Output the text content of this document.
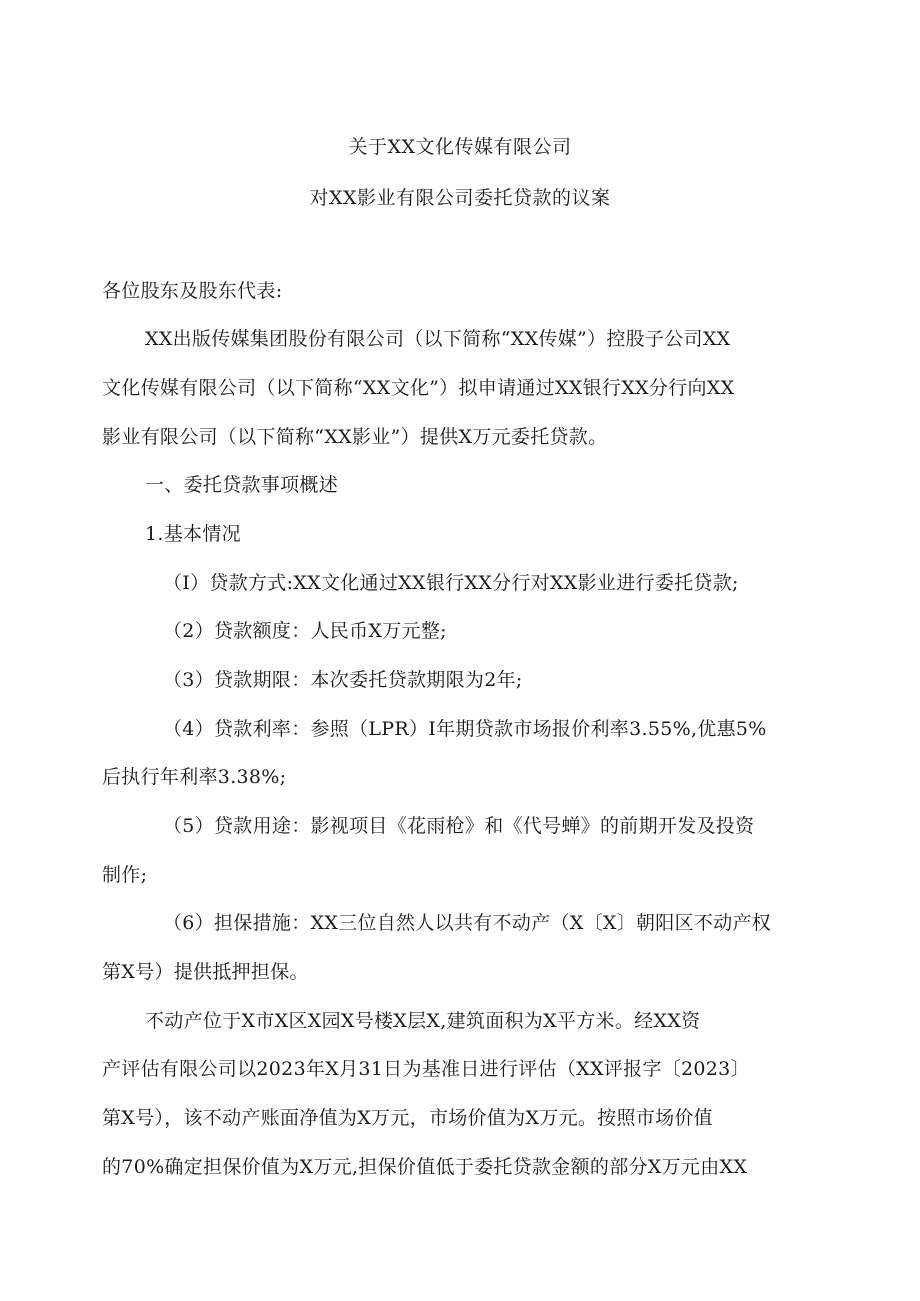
关于XX文化传媒有限公司
对XX影业有限公司委托贷款的议案
各位股东及股东代表:
XX出版传媒集团股份有限公司（以下简称“XX传媒”）控股子公司XX
文化传媒有限公司（以下简称“XX文化”）拟申请通过XX银行XX分行向XX
影业有限公司（以下简称“XX影业”）提供X万元委托贷款。
一、委托贷款事项概述
1.基本情况
（I）贷款方式:XX文化通过XX银行XX分行对XX影业进行委托贷款;
（2）贷款额度：人民币X万元整;
（3）贷款期限：本次委托贷款期限为2年;
（4）贷款利率：参照（LPR）I年期贷款市场报价利率3.55%,优惠5%
后执行年利率3.38%;
（5）贷款用途：影视项目《花雨枪》和《代号蝉》的前期开发及投资
制作;
（6）担保措施：XX三位自然人以共有不动产（X〔X〕朝阳区不动产权
第X号）提供抵押担保。
不动产位于X市X区X园X号楼X层X,建筑面积为X平方米。经XX资
产评估有限公司以2023年X月31日为基准日进行评估（XX评报字〔2023〕
第X号），该不动产账面净值为X万元，市场价值为X万元。按照市场价值
的70%确定担保价值为X万元,担保价值低于委托贷款金额的部分X万元由XX
